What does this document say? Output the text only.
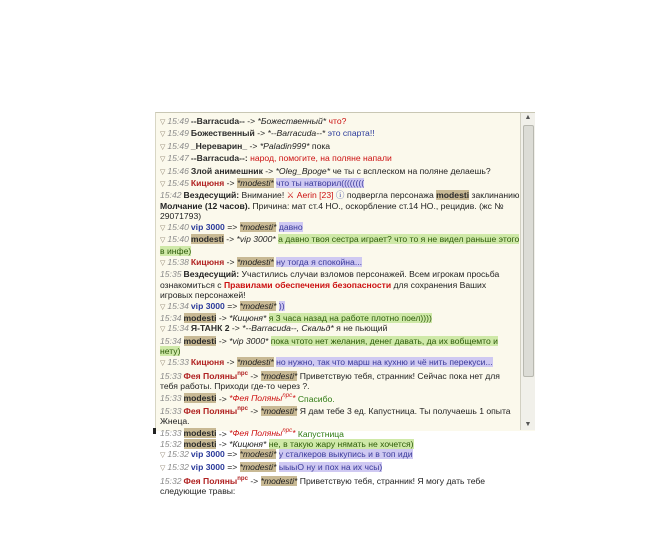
▽ 15:49 --Barracuda-- -> *Божественный* что?
▽ 15:49 Божественный -> *--Barracuda--* это спарта!!
▽ 15:49 _Нереварин_ -> *Paladin999* пока
▽ 15:47 --Barracuda--: народ, помогите, на поляне напали
▽ 15:46 Злой анимешник -> *Oleg_Bpoge* че ты с всплеском на поляне делаешь?
▽ 15:45 Кицюня -> *modesti* что ты натворил((((((((
15:42 Вездесущий: Внимание! ⚔ Aerin [23] ⓘ подвергла персонажа modesti заклинанию
Молчание (12 часов). Причина: мат ст.4 НО., оскорбление ст.14 НО., рецидив. (жс № 29071793)
▽ 15:40 vip 3000 => *modesti* давно
▽ 15:40 modesti -> *vip 3000* а давно твоя сестра играет? что то я не видел раньше этого в инфе)
▽ 15:38 Кицюня -> *modesti* ну тогда я спокойна...
15:35 Вездесущий: Участились случаи взломов персонажей. Всем игрокам просьба ознакомиться с Правилами обеспечения безопасности для сохранения Ваших игровых персонажей!
▽ 15:34 vip 3000 => *modesti* ))
15:34 modesti -> *Кицюня* я 3 часа назад на работе плотно поел))))
▽ 15:34 Я-ТАНК 2 -> *--Barracuda--, Скальд* я не пьющий
15:34 modesti -> *vip 3000* пока чтото нет желания, денег давать, да их вобщемто и нету)
▽ 15:33 Кицюня -> *modesti* но нужно, так что марш на кухню и чё нить перекуси...
15:33 Фея Поляны$^{npc}$ -> *modesti* Приветствую тебя, странник! Сейчас пока нет для тебя работы. Приходи где-то через ?.
15:33 modesti -> *Фея Поляны$^{npc}$* Спасибо.
15:33 Фея Поляны$^{npc}$ -> *modesti* Я дам тебе 3 ед. Капустница. Ты получаешь 1 опыта Жнеца.
15:33 modesti -> *Фея Поляны$^{npc}$* Капустница
15:32 modesti -> *Кицюня* не, в такую жару нямать не хочется)
▽ 15:32 vip 3000 => *modesti* у сталкеров выкупись и в топ иди
▽ 15:32 vip 3000 => *modesti* ыыыО ну и пох на их чсы)
15:32 Фея Поляны$^{npc}$ -> *modesti* Приветствую тебя, странник! Я могу дать тебе следующие травы:
▲
▼
